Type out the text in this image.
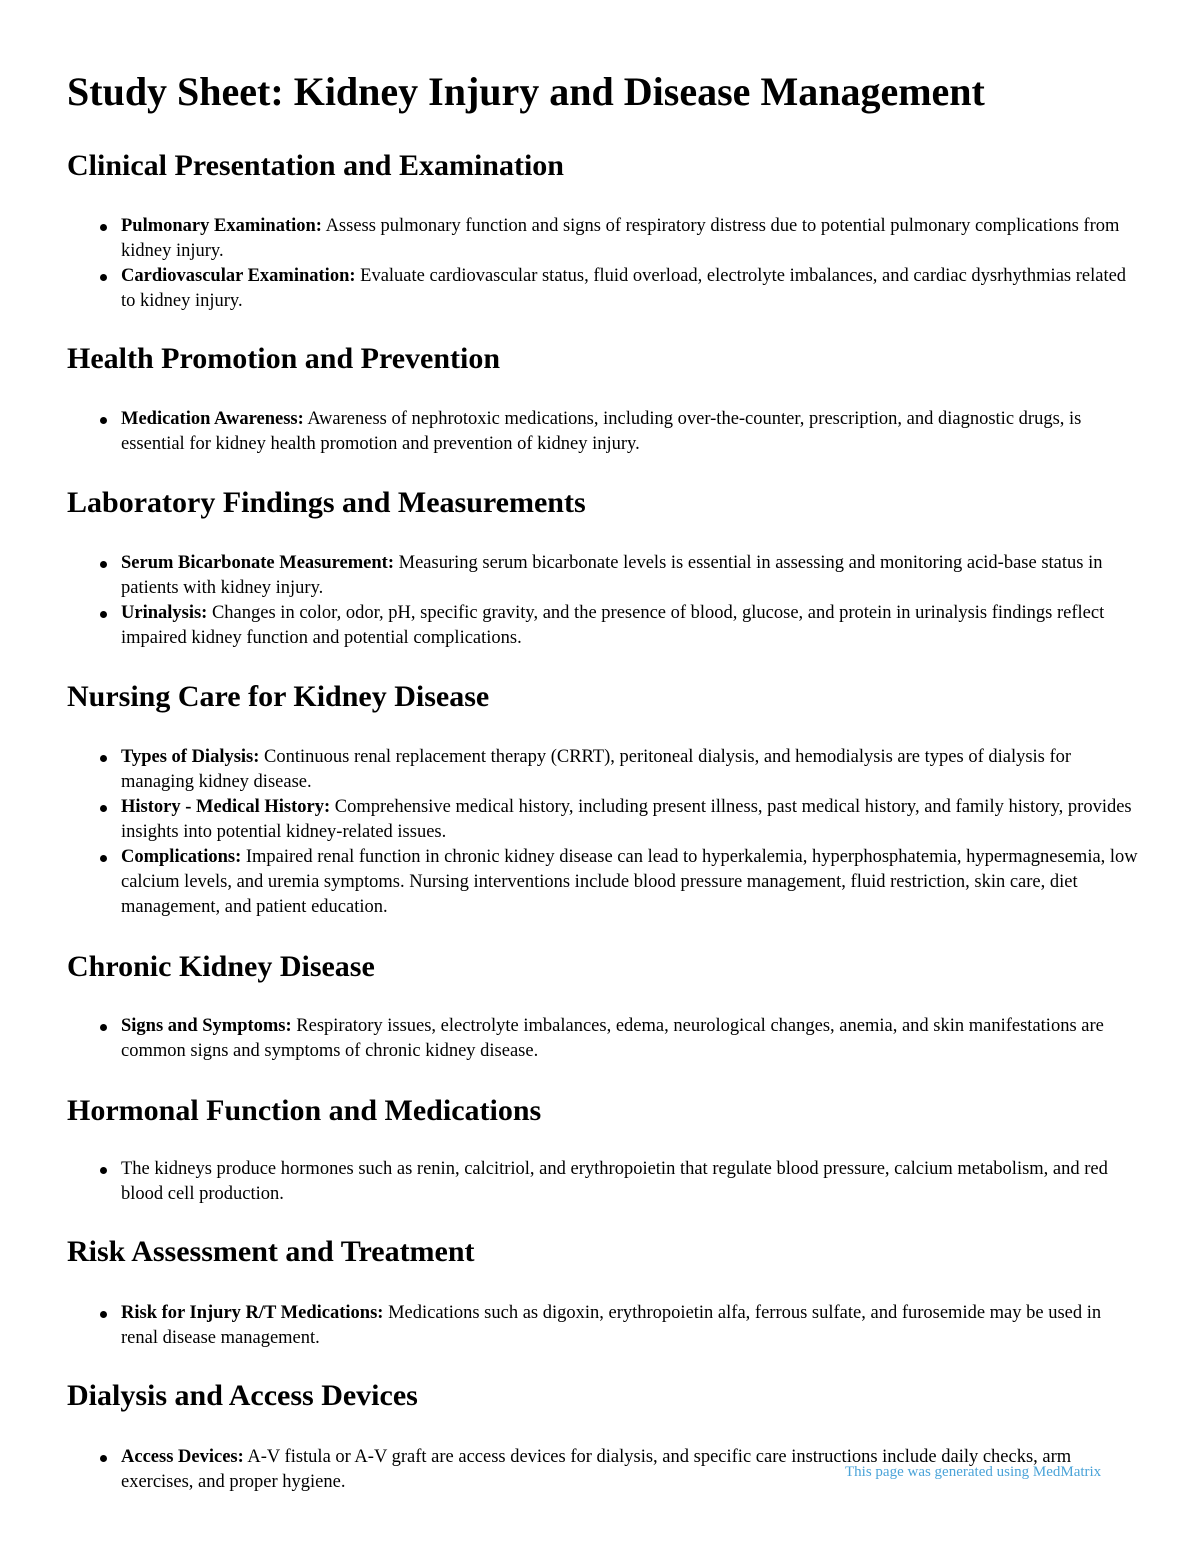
Study Sheet: Kidney Injury and Disease Management
Clinical Presentation and Examination
Pulmonary Examination: Assess pulmonary function and signs of respiratory distress due to potential pulmonary complications from kidney injury.
Cardiovascular Examination: Evaluate cardiovascular status, fluid overload, electrolyte imbalances, and cardiac dysrhythmias related to kidney injury.
Health Promotion and Prevention
Medication Awareness: Awareness of nephrotoxic medications, including over-the-counter, prescription, and diagnostic drugs, is essential for kidney health promotion and prevention of kidney injury.
Laboratory Findings and Measurements
Serum Bicarbonate Measurement: Measuring serum bicarbonate levels is essential in assessing and monitoring acid-base status in patients with kidney injury.
Urinalysis: Changes in color, odor, pH, specific gravity, and the presence of blood, glucose, and protein in urinalysis findings reflect impaired kidney function and potential complications.
Nursing Care for Kidney Disease
Types of Dialysis: Continuous renal replacement therapy (CRRT), peritoneal dialysis, and hemodialysis are types of dialysis for managing kidney disease.
History - Medical History: Comprehensive medical history, including present illness, past medical history, and family history, provides insights into potential kidney-related issues.
Complications: Impaired renal function in chronic kidney disease can lead to hyperkalemia, hyperphosphatemia, hypermagnesemia, low calcium levels, and uremia symptoms. Nursing interventions include blood pressure management, fluid restriction, skin care, diet management, and patient education.
Chronic Kidney Disease
Signs and Symptoms: Respiratory issues, electrolyte imbalances, edema, neurological changes, anemia, and skin manifestations are common signs and symptoms of chronic kidney disease.
Hormonal Function and Medications
The kidneys produce hormones such as renin, calcitriol, and erythropoietin that regulate blood pressure, calcium metabolism, and red blood cell production.
Risk Assessment and Treatment
Risk for Injury R/T Medications: Medications such as digoxin, erythropoietin alfa, ferrous sulfate, and furosemide may be used in renal disease management.
Dialysis and Access Devices
Access Devices: A-V fistula or A-V graft are access devices for dialysis, and specific care instructions include daily checks, arm exercises, and proper hygiene.	This page was generated using MedMatrix
